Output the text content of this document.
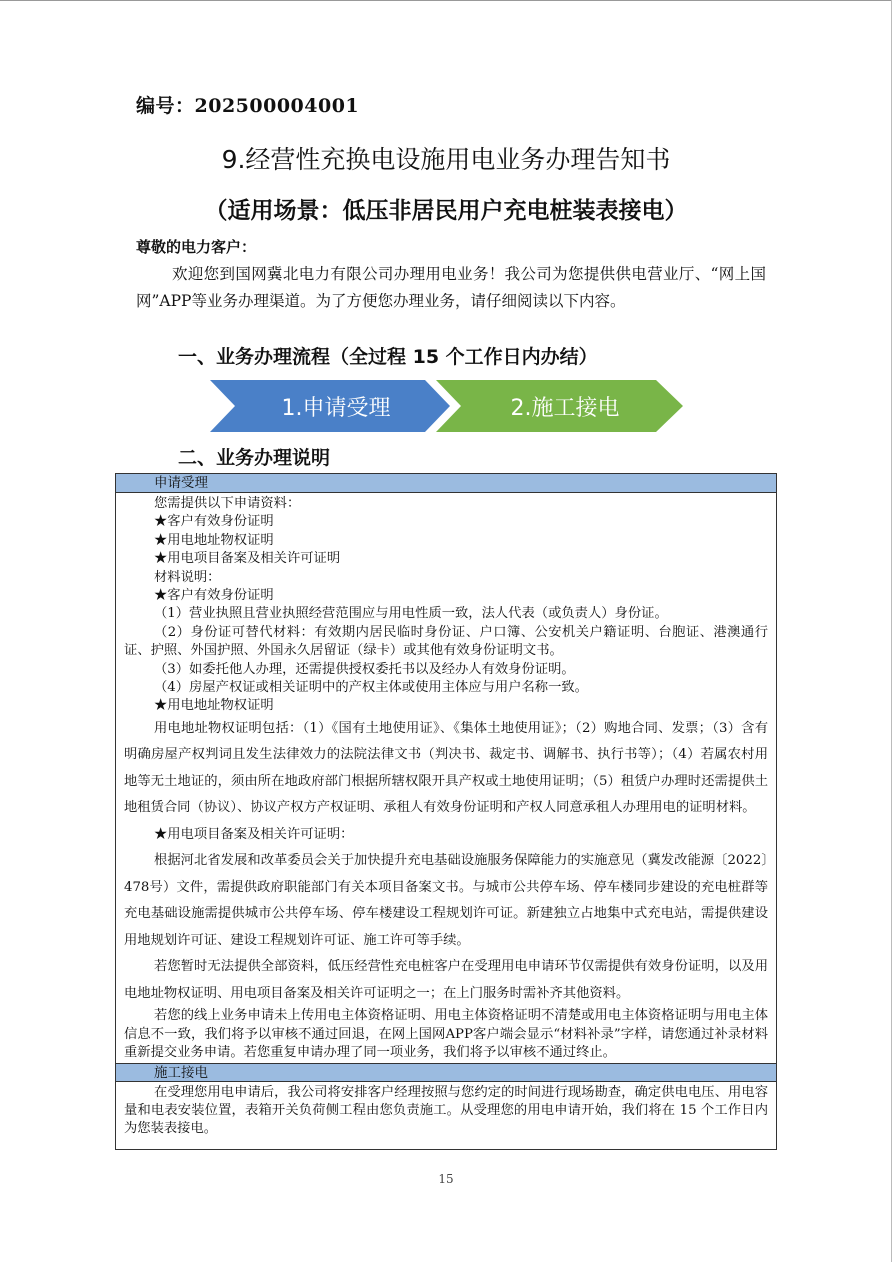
编号：202500004001
9.经营性充换电设施用电业务办理告知书
（适用场景：低压非居民用户充电桩装表接电）
尊敬的电力客户：
欢迎您到国网冀北电力有限公司办理用电业务！我公司为您提供供电营业厅、“网上国网”APP等业务办理渠道。为了方便您办理业务，请仔细阅读以下内容。
一、业务办理流程（全过程 15 个工作日内办结）
1.申请受理	2.施工接电
二、业务办理说明
申请受理

您需提供以下申请资料：

★客户有效身份证明

★用电地址物权证明

★用电项目备案及相关许可证明

材料说明：

★客户有效身份证明

（1）营业执照且营业执照经营范围应与用电性质一致，法人代表（或负责人）身份证。

（2）身份证可替代材料：有效期内居民临时身份证、户口簿、公安机关户籍证明、台胞证、港澳通行证、护照、外国护照、外国永久居留证（绿卡）或其他有效身份证明文书。

（3）如委托他人办理，还需提供授权委托书以及经办人有效身份证明。

（4）房屋产权证或相关证明中的产权主体或使用主体应与用户名称一致。

★用电地址物权证明

用电地址物权证明包括：（1）《国有土地使用证》、《集体土地使用证》；（2）购地合同、发票；（3）含有明确房屋产权判词且发生法律效力的法院法律文书（判决书、裁定书、调解书、执行书等）；（4）若属农村用地等无土地证的，须由所在地政府部门根据所辖权限开具产权或土地使用证明；（5）租赁户办理时还需提供土地租赁合同（协议）、协议产权方产权证明、承租人有效身份证明和产权人同意承租人办理用电的证明材料。

★用电项目备案及相关许可证明：

根据河北省发展和改革委员会关于加快提升充电基础设施服务保障能力的实施意见（冀发改能源〔2022〕478号）文件，需提供政府职能部门有关本项目备案文书。与城市公共停车场、停车楼同步建设的充电桩群等充电基础设施需提供城市公共停车场、停车楼建设工程规划许可证。新建独立占地集中式充电站，需提供建设用地规划许可证、建设工程规划许可证、施工许可等手续。

若您暂时无法提供全部资料，低压经营性充电桩客户在受理用电申请环节仅需提供有效身份证明，以及用电地址物权证明、用电项目备案及相关许可证明之一；在上门服务时需补齐其他资料。

若您的线上业务申请未上传用电主体资格证明、用电主体资格证明不清楚或用电主体资格证明与用电主体信息不一致，我们将予以审核不通过回退，在网上国网APP客户端会显示“材料补录”字样，请您通过补录材料重新提交业务申请。若您重复申请办理了同一项业务，我们将予以审核不通过终止。

施工接电

在受理您用电申请后，我公司将安排客户经理按照与您约定的时间进行现场勘查，确定供电电压、用电容量和电表安装位置，表箱开关负荷侧工程由您负责施工。从受理您的用电申请开始，我们将在 15 个工作日内为您装表接电。

15
